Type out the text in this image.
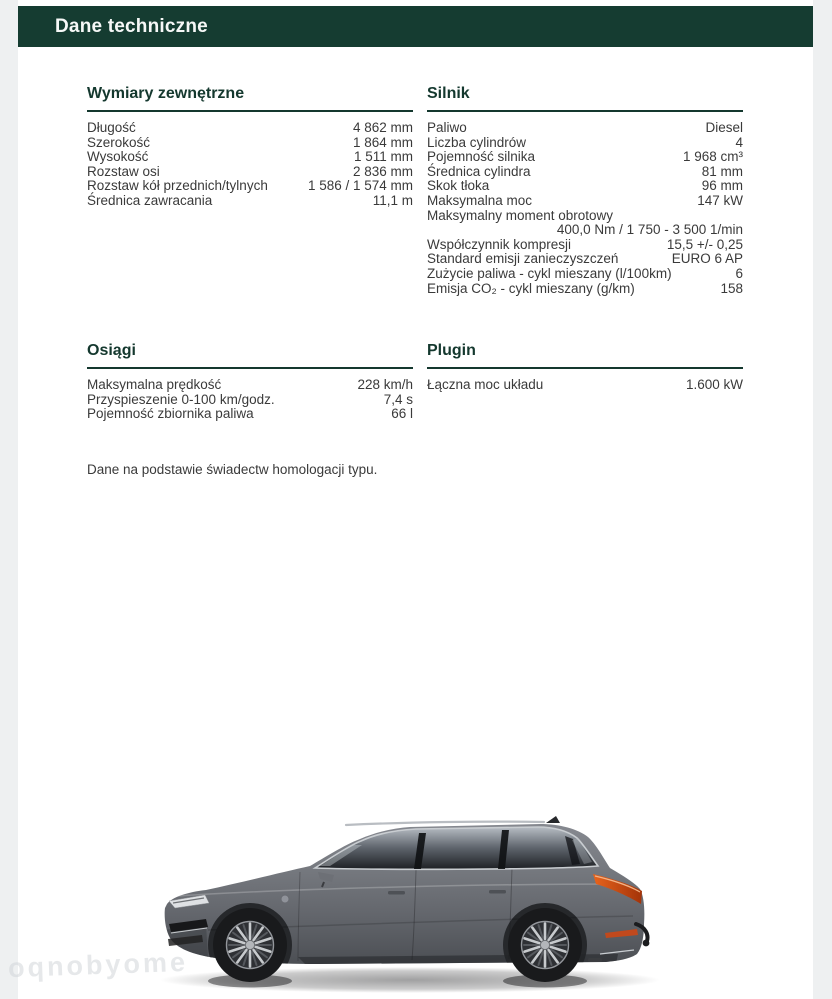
Dane techniczne
Wymiary zewnętrzne
Długość	4 862 mm
Szerokość	1 864 mm
Wysokość	1 511 mm
Rozstaw osi	2 836 mm
Rozstaw kół przednich/tylnych	1 586 / 1 574 mm
Średnica zawracania	11,1 m
Silnik
Paliwo	Diesel
Liczba cylindrów	4
Pojemność silnika	1 968 cm³
Średnica cylindra	81 mm
Skok tłoka	96 mm
Maksymalna moc	147 kW
Maksymalny moment obrotowy
400,0 Nm / 1 750 - 3 500 1/min
Współczynnik kompresji	15,5 +/- 0,25
Standard emisji zanieczyszczeń	EURO 6 AP
Zużycie paliwa - cykl mieszany (l/100km)	6
Emisja CO₂ - cykl mieszany (g/km)	158
Osiągi
Maksymalna prędkość	228 km/h
Przyspieszenie 0-100 km/godz.	7,4 s
Pojemność zbiornika paliwa	66 l
Plugin
Łączna moc układu	1.600 kW
Dane na podstawie świadectw homologacji typu.
oqnobyome
